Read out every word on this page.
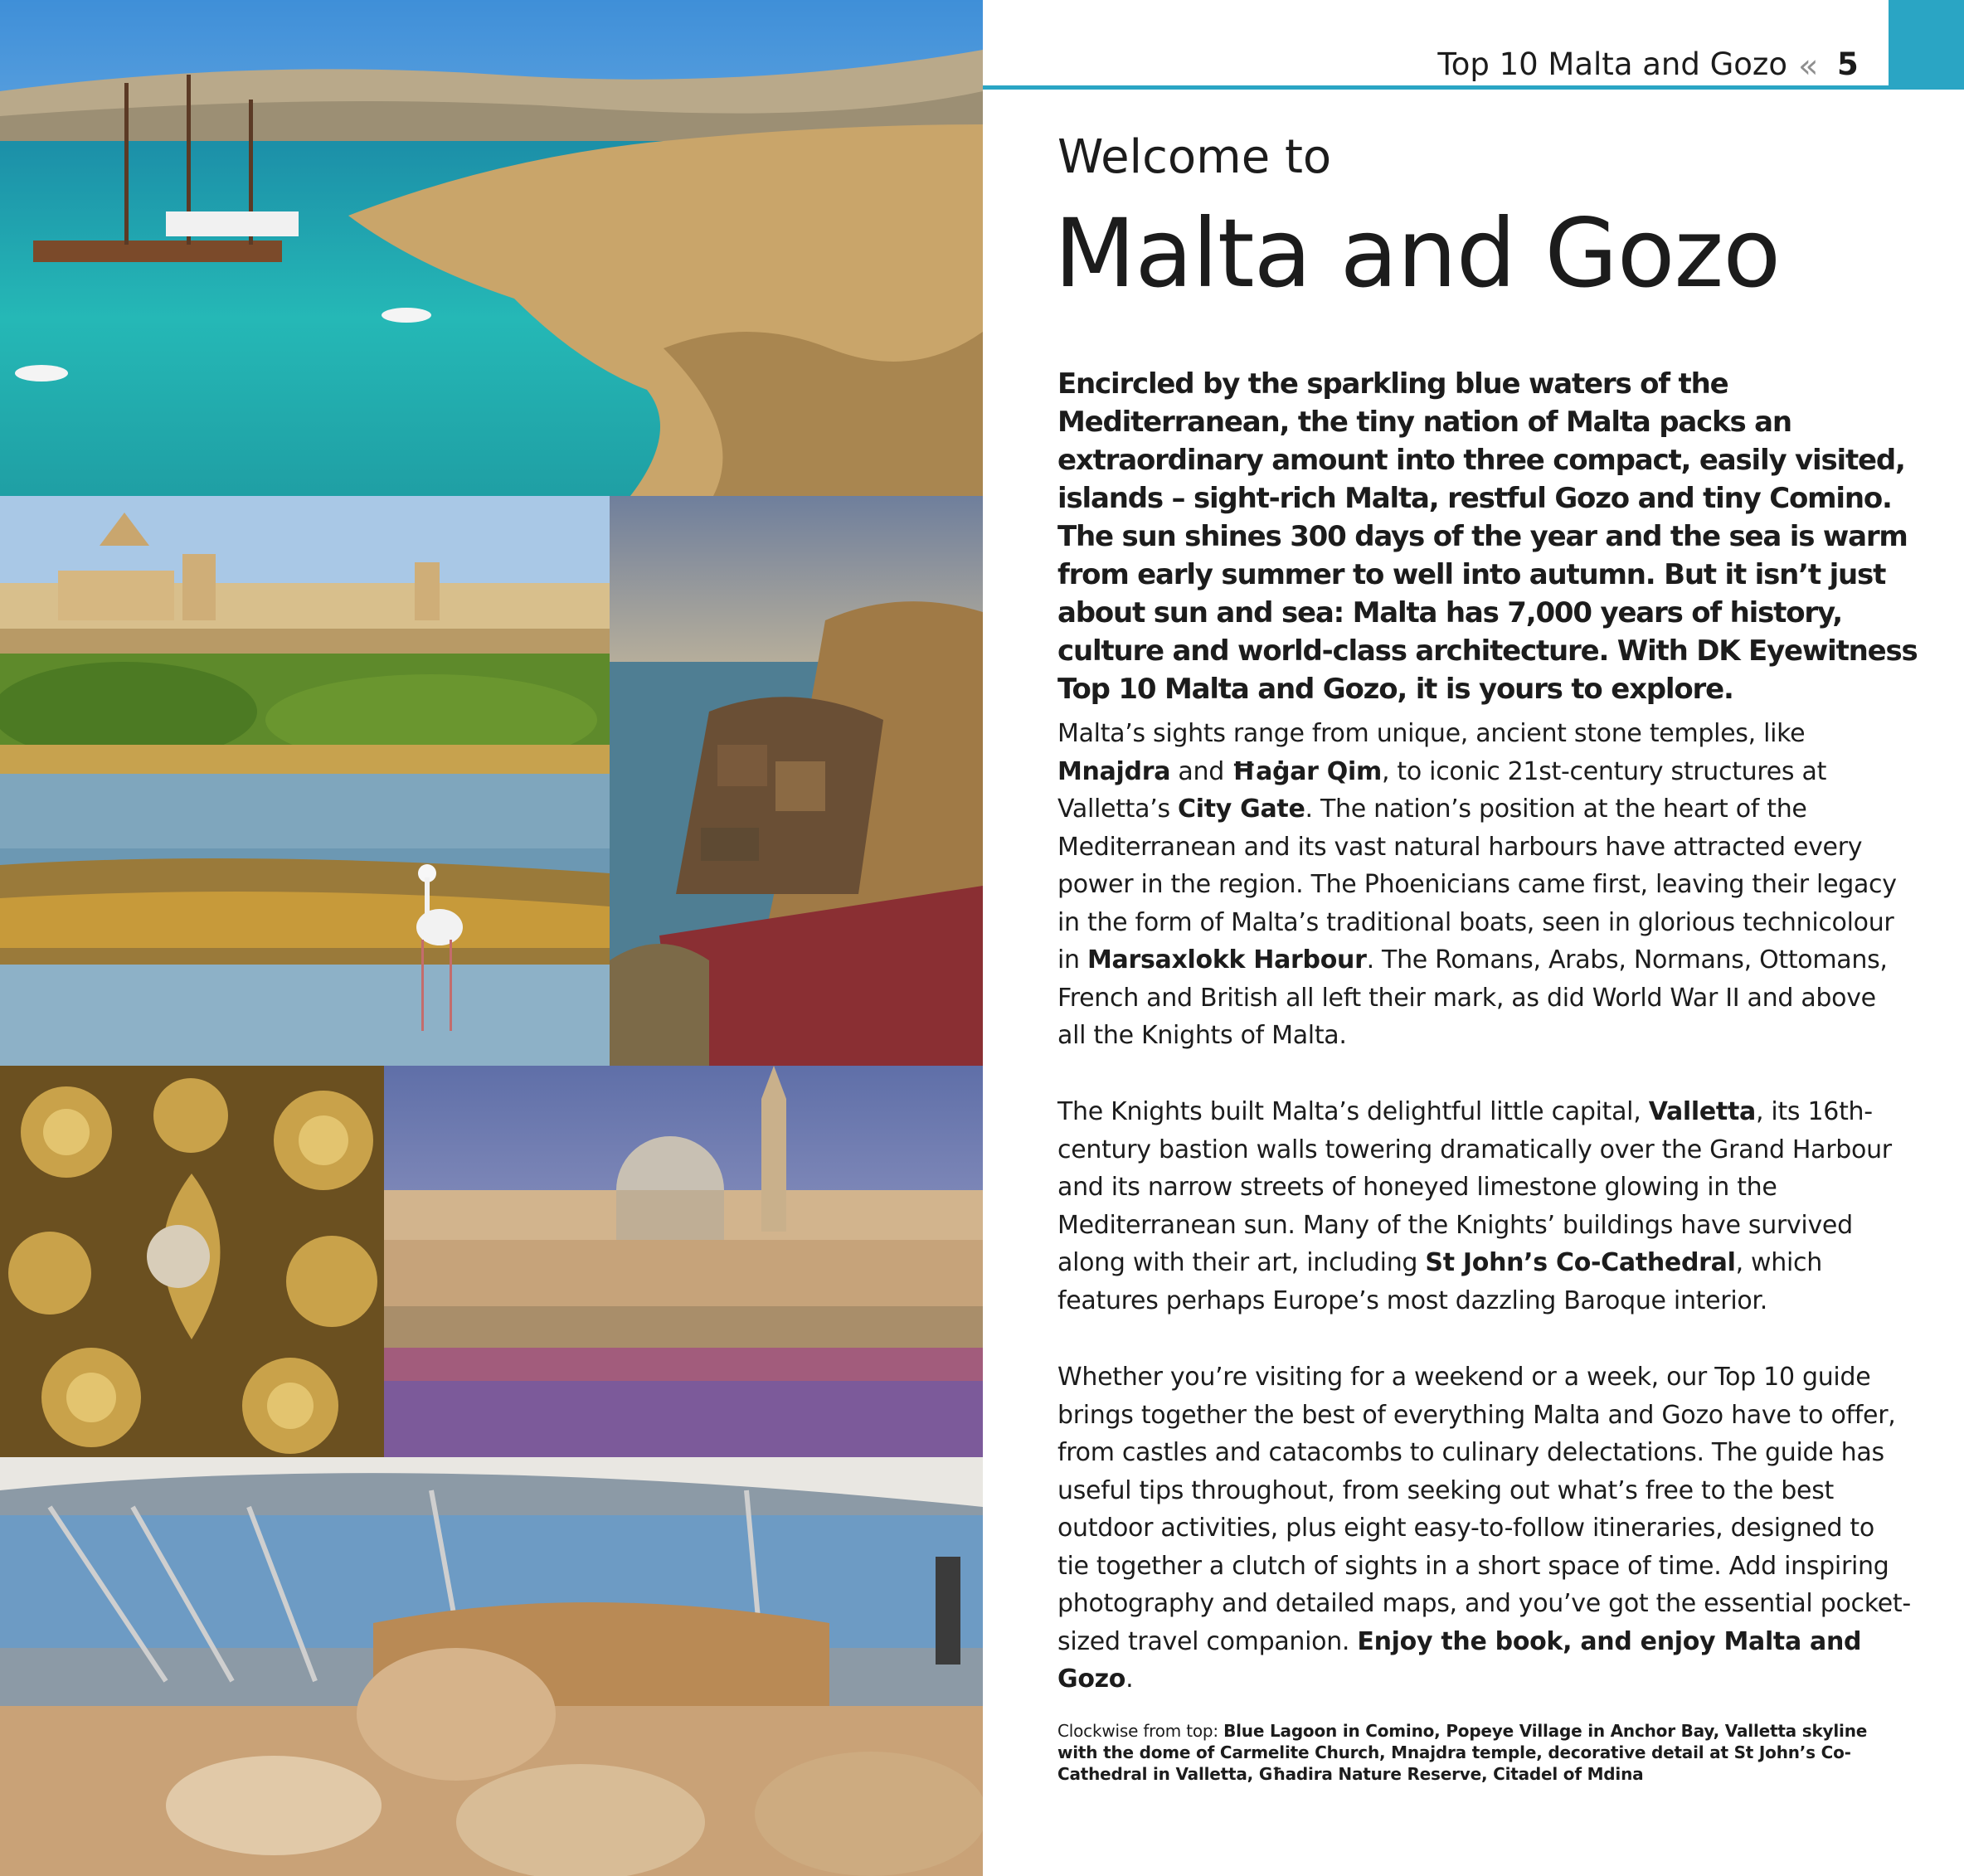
Top 10 Malta and Gozo « 5
Welcome to
Malta and Gozo

Encircled by the sparkling blue waters of the Mediterranean, the tiny nation of Malta packs an extraordinary amount into three compact, easily visited, islands – sight-rich Malta, restful Gozo and tiny Comino. The sun shines 300 days of the year and the sea is warm from early summer to well into autumn. But it isn’t just about sun and sea: Malta has 7,000 years of history, culture and world-class architecture. With DK Eyewitness Top 10 Malta and Gozo, it is yours to explore.

Malta’s sights range from unique, ancient stone temples, like Mnajdra and Ħaġar Qim, to iconic 21st-century structures at Valletta’s City Gate. The nation’s position at the heart of the Mediterranean and its vast natural harbours have attracted every power in the region. The Phoenicians came first, leaving their legacy in the form of Malta’s traditional boats, seen in glorious technicolour in Marsaxlokk Harbour. The Romans, Arabs, Normans, Ottomans, French and British all left their mark, as did World War II and above all the Knights of Malta.

The Knights built Malta’s delightful little capital, Valletta, its 16th-century bastion walls towering dramatically over the Grand Harbour and its narrow streets of honeyed limestone glowing in the Mediterranean sun. Many of the Knights’ buildings have survived along with their art, including St John’s Co-Cathedral, which features perhaps Europe’s most dazzling Baroque interior.

Whether you’re visiting for a weekend or a week, our Top 10 guide brings together the best of everything Malta and Gozo have to offer, from castles and catacombs to culinary delectations. The guide has useful tips throughout, from seeking out what’s free to the best outdoor activities, plus eight easy-to-follow itineraries, designed to tie together a clutch of sights in a short space of time. Add inspiring photography and detailed maps, and you’ve got the essential pocket-sized travel companion. Enjoy the book, and enjoy Malta and Gozo.

Clockwise from top: Blue Lagoon in Comino, Popeye Village in Anchor Bay, Valletta skyline with the dome of Carmelite Church, Mnajdra temple, decorative detail at St John’s Co-Cathedral in Valletta, Għadira Nature Reserve, Citadel of Mdina
